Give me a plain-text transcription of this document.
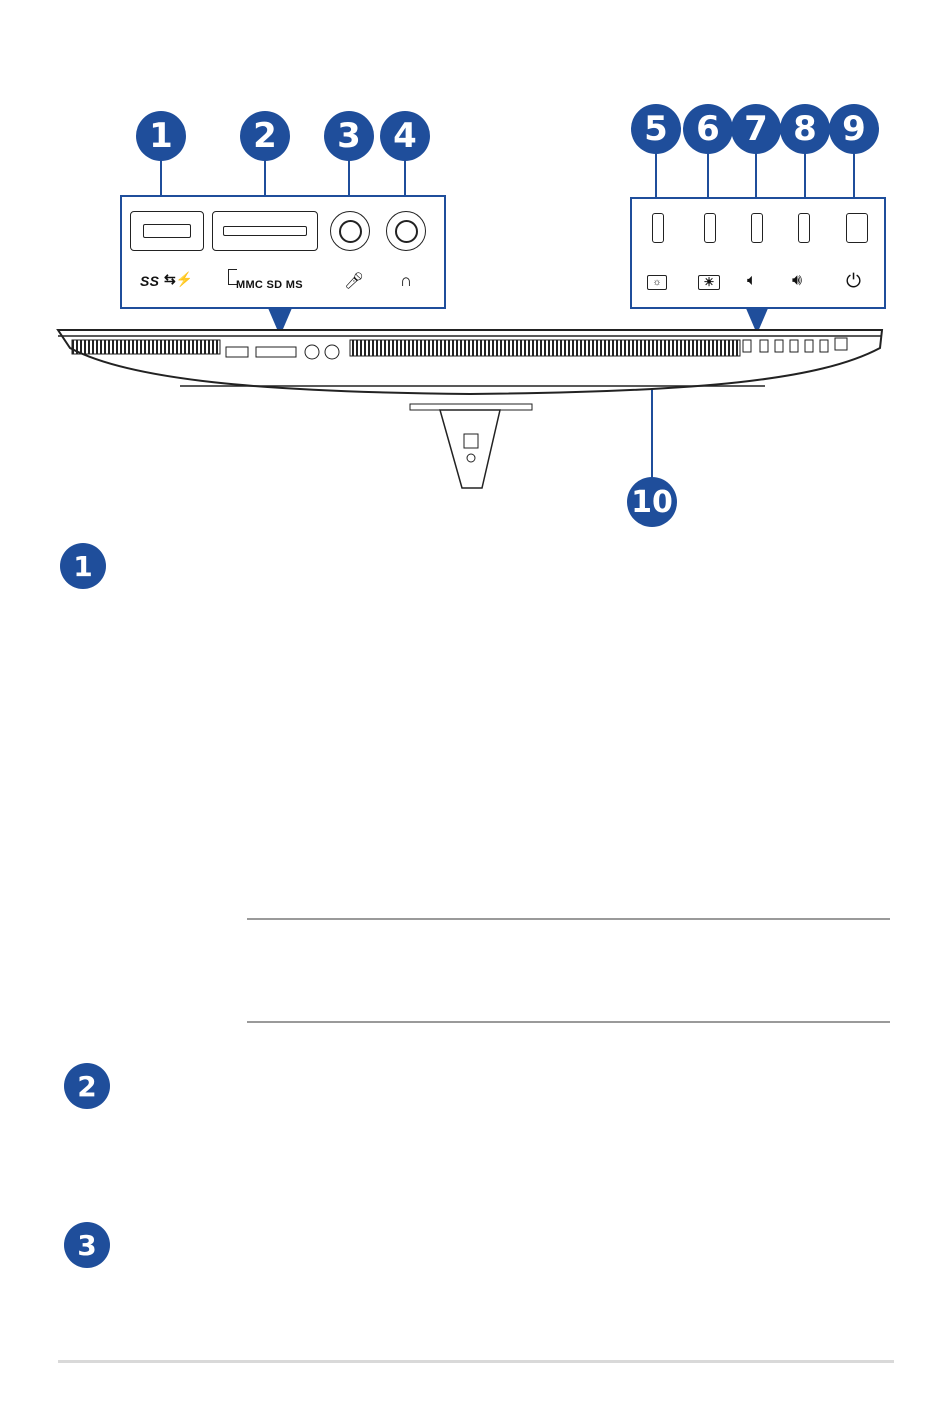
1	2	3 4	5 6 7 8 9
10
SS ⇆⚡	MMC SD MS	🎤︎ ∩	☼	☀	🔈︎ 🔊︎ ⏻
1
2
3
